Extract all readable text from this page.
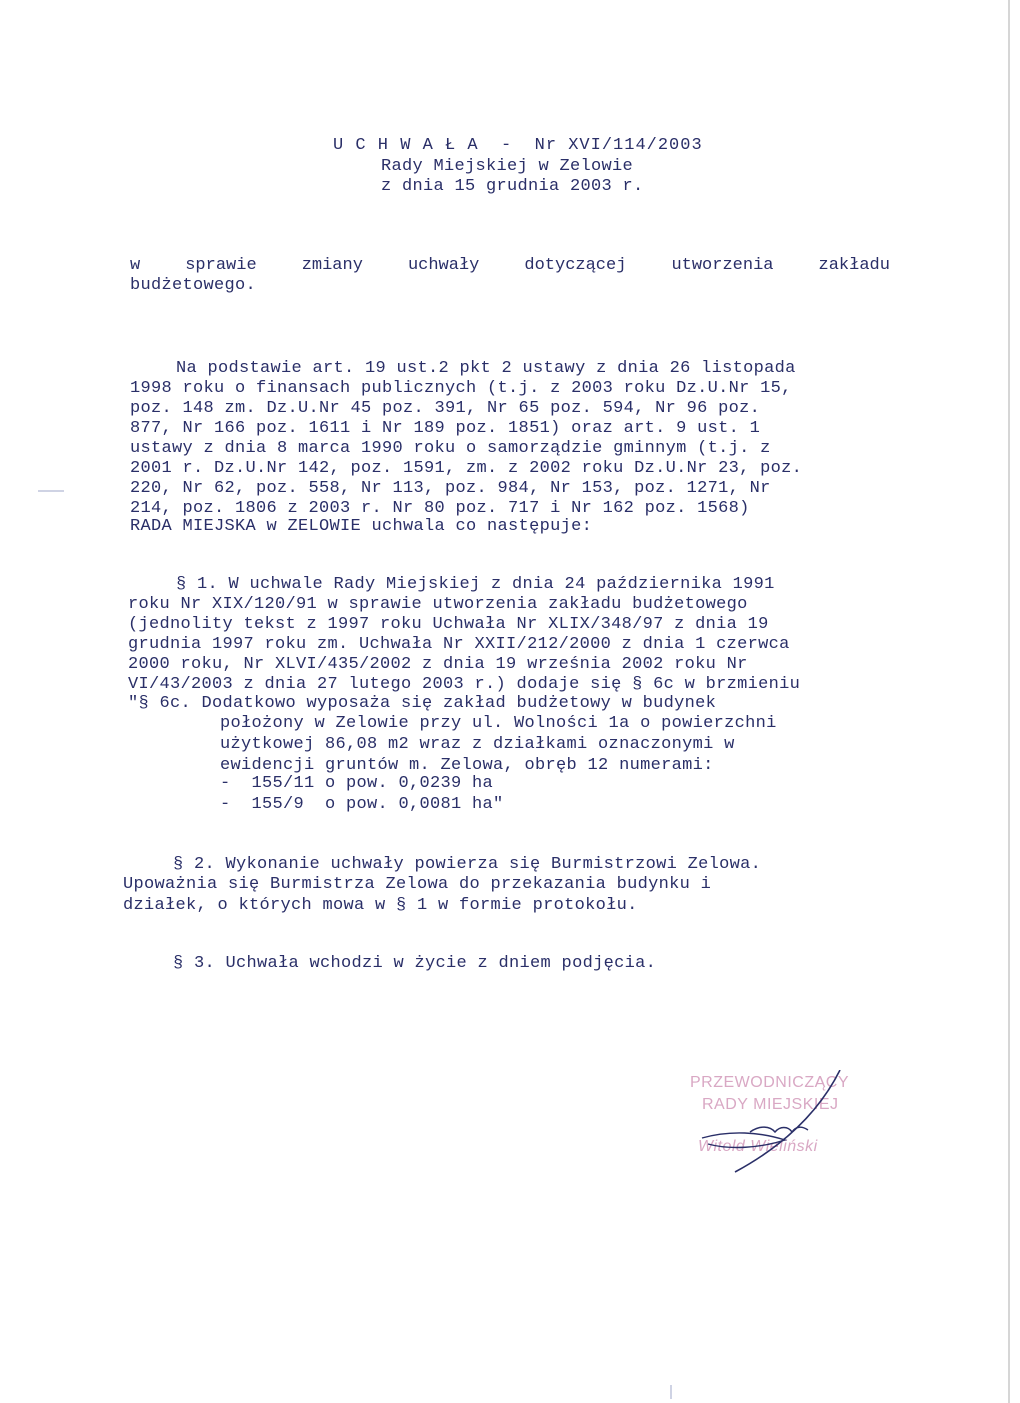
U C H W A Ł A  -  Nr XVI/114/2003
Rady Miejskiej w Zelowie
z dnia 15 grudnia 2003 r.
w	sprawie	zmiany	uchwały	dotyczącej	utworzenia	zakładu
budżetowego.
Na podstawie art. 19 ust.2 pkt 2 ustawy z dnia 26 listopada
1998 roku o finansach publicznych (t.j. z 2003 roku Dz.U.Nr 15,
poz. 148 zm. Dz.U.Nr 45 poz. 391, Nr 65 poz. 594, Nr 96 poz.
877, Nr 166 poz. 1611 i Nr 189 poz. 1851) oraz art. 9 ust. 1
ustawy z dnia 8 marca 1990 roku o samorządzie gminnym (t.j. z
2001 r. Dz.U.Nr 142, poz. 1591, zm. z 2002 roku Dz.U.Nr 23, poz.
220, Nr 62, poz. 558, Nr 113, poz. 984, Nr 153, poz. 1271, Nr
214, poz. 1806 z 2003 r. Nr 80 poz. 717 i Nr 162 poz. 1568)
RADA MIEJSKA w ZELOWIE uchwala co następuje:
§ 1. W uchwale Rady Miejskiej z dnia 24 października 1991
roku Nr XIX/120/91 w sprawie utworzenia zakładu budżetowego
(jednolity tekst z 1997 roku Uchwała Nr XLIX/348/97 z dnia 19
grudnia 1997 roku zm. Uchwała Nr XXII/212/2000 z dnia 1 czerwca
2000 roku, Nr XLVI/435/2002 z dnia 19 września 2002 roku Nr
VI/43/2003 z dnia 27 lutego 2003 r.) dodaje się § 6c w brzmieniu
"§ 6c. Dodatkowo wyposaża się zakład budżetowy w budynek
położony w Zelowie przy ul. Wolności 1a o powierzchni
użytkowej 86,08 m2 wraz z działkami oznaczonymi w
ewidencji gruntów m. Zelowa, obręb 12 numerami:
-  155/11 o pow. 0,0239 ha
-  155/9  o pow. 0,0081 ha"
§ 2. Wykonanie uchwały powierza się Burmistrzowi Zelowa.
Upoważnia się Burmistrza Zelowa do przekazania budynku i
działek, o których mowa w § 1 w formie protokołu.
§ 3. Uchwała wchodzi w życie z dniem podjęcia.
PRZEWODNICZĄCY
RADY MIEJSKIEJ
Witold Wieliński
